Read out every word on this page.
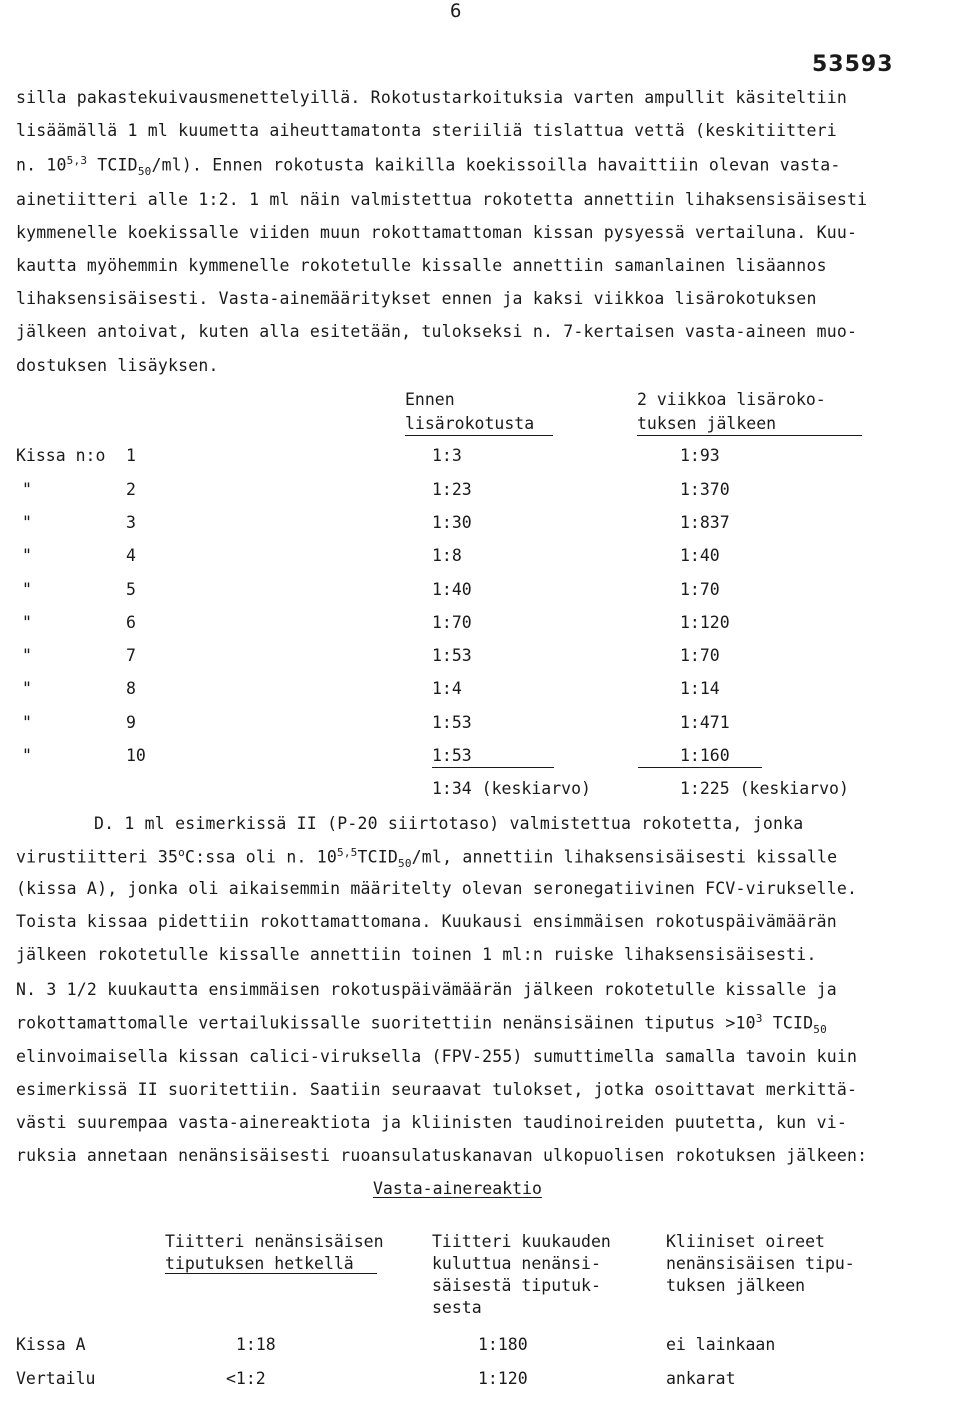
6
53593
silla pakastekuivausmenettelyillä. Rokotustarkoituksia varten ampullit käsiteltiin
lisäämällä 1 ml kuumetta aiheuttamatonta steriiliä tislattua vettä (keskitiitteri
n. 10$^{5,3}$ $TCID_{50}/ml$). Ennen rokotusta kaikilla koekissoilla havaittiin olevan vasta-
ainetiitteri alle 1:2. 1 ml näin valmistettua rokotetta annettiin lihaksensisäisesti
kymmenelle koekissalle viiden muun rokottamattoman kissan pysyessä vertailuna. Kuu-
kautta myöhemmin kymmenelle rokotetulle kissalle annettiin samanlainen lisäannos
lihaksensisäisesti. Vasta-ainemääritykset ennen ja kaksi viikkoa lisärokotuksen
jälkeen antoivat, kuten alla esitetään, tulokseksi n. 7-kertaisen vasta-aineen muo-
dostuksen lisäyksen.
Ennen
lisärokotusta
2 viikkoa lisäroko-
tuksen jälkeen
Kissa n:o 1	1:3	1:93
"	2	1:23	1:370
"	3	1:30	1:837
"	4	1:8	1:40
"	5	1:40	1:70
"	6	1:70	1:120
"	7	1:53	1:70
"	8	1:4	1:14
"	9	1:53	1:471
"	10	1:53	1:160
1:34 (keskiarvo)	1:225 (keskiarvo)
D. 1 ml esimerkissä II (P-20 siirtotaso) valmistettua rokotetta, jonka
virustiitteri 35$^o$C:ssa oli n. $10^{5,5}TCID_{50}/ml$, annettiin lihaksensisäisesti kissalle
(kissa A), jonka oli aikaisemmin määritelty olevan seronegatiivinen FCV-virukselle.
Toista kissaa pidettiin rokottamattomana. Kuukausi ensimmäisen rokotuspäivämäärän
jälkeen rokotetulle kissalle annettiin toinen 1 ml:n ruiske lihaksensisäisesti.
N. 3 1/2 kuukautta ensimmäisen rokotuspäivämäärän jälkeen rokotetulle kissalle ja
rokottamattomalle vertailukissalle suoritettiin nenänsisäinen tiputus $>10^3$ $TCID_{50}$
elinvoimaisella kissan calici-viruksella (FPV-255) sumuttimella samalla tavoin kuin
esimerkissä II suoritettiin. Saatiin seuraavat tulokset, jotka osoittavat merkittä-
västi suurempaa vasta-ainereaktiota ja kliinisten taudinoireiden puutetta, kun vi-
ruksia annetaan nenänsisäisesti ruoansulatuskanavan ulkopuolisen rokotuksen jälkeen:
Vasta-ainereaktio
Tiitteri nenänsisäisen
tiputuksen hetkellä
Tiitteri kuukauden
kuluttua nenänsi-
säisestä tiputuk-
sesta
Kliiniset oireet
nenänsisäisen tipu-
tuksen jälkeen
Kissa A	1:18	1:180	ei lainkaan
Vertailu	<1:2	1:120	ankarat
